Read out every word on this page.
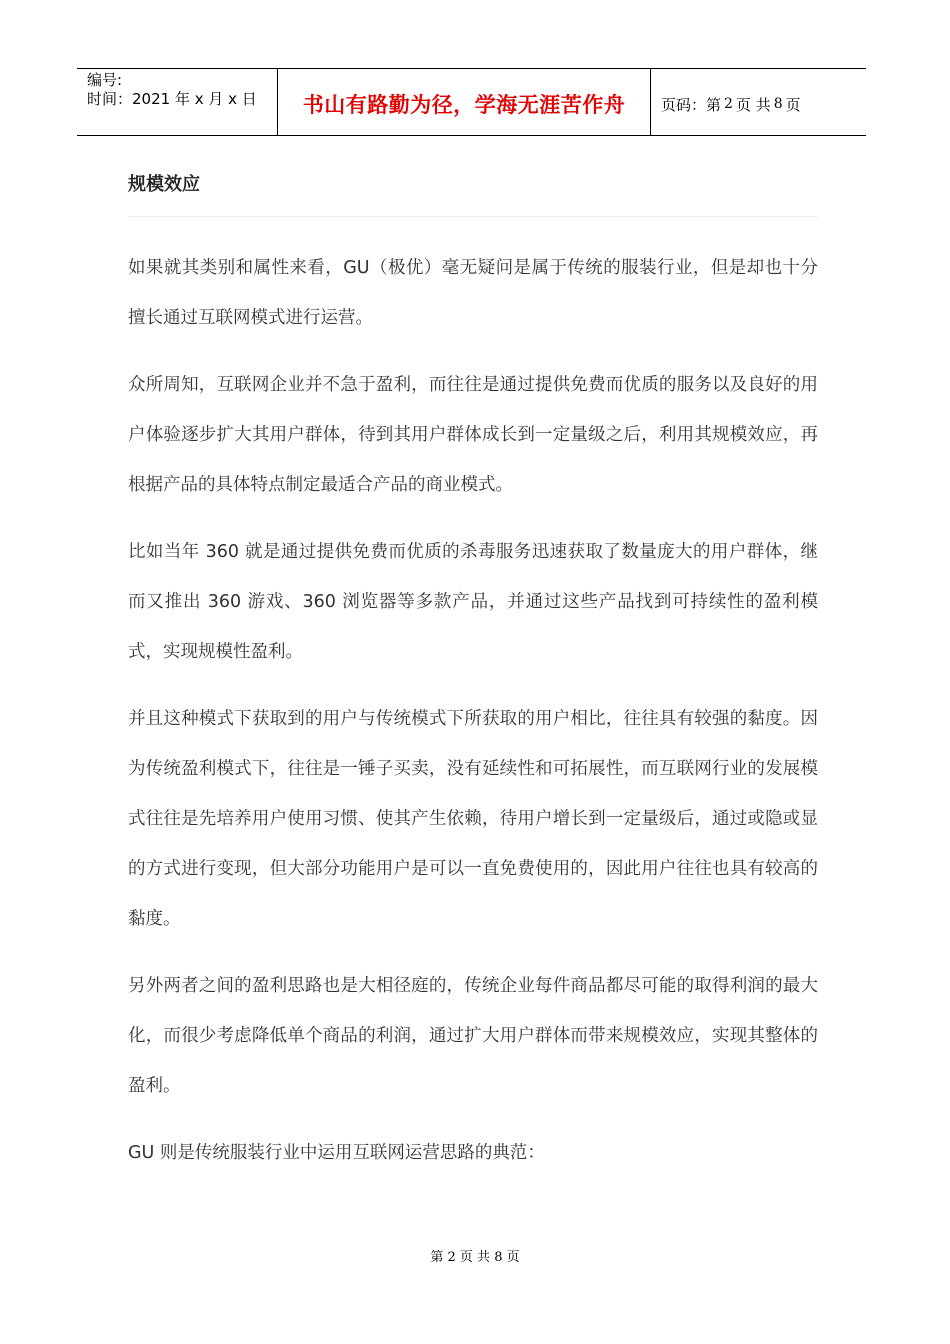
编号:
时间：2021 年 x 月 x 日	书山有路勤为径，学海无涯苦作舟	页码：第 2 页 共 8 页
规模效应

如果就其类别和属性来看，GU（极优）毫无疑问是属于传统的服装行业，但是却也十分擅长通过互联网模式进行运营。

众所周知，互联网企业并不急于盈利，而往往是通过提供免费而优质的服务以及良好的用户体验逐步扩大其用户群体，待到其用户群体成长到一定量级之后，利用其规模效应，再根据产品的具体特点制定最适合产品的商业模式。

比如当年 360 就是通过提供免费而优质的杀毒服务迅速获取了数量庞大的用户群体，继而又推出 360 游戏、360 浏览器等多款产品，并通过这些产品找到可持续性的盈利模式，实现规模性盈利。

并且这种模式下获取到的用户与传统模式下所获取的用户相比，往往具有较强的黏度。因为传统盈利模式下，往往是一锤子买卖，没有延续性和可拓展性，而互联网行业的发展模式往往是先培养用户使用习惯、使其产生依赖，待用户增长到一定量级后，通过或隐或显的方式进行变现，但大部分功能用户是可以一直免费使用的，因此用户往往也具有较高的黏度。

另外两者之间的盈利思路也是大相径庭的，传统企业每件商品都尽可能的取得利润的最大化，而很少考虑降低单个商品的利润，通过扩大用户群体而带来规模效应，实现其整体的盈利。

GU 则是传统服装行业中运用互联网运营思路的典范：

第 2 页 共 8 页
